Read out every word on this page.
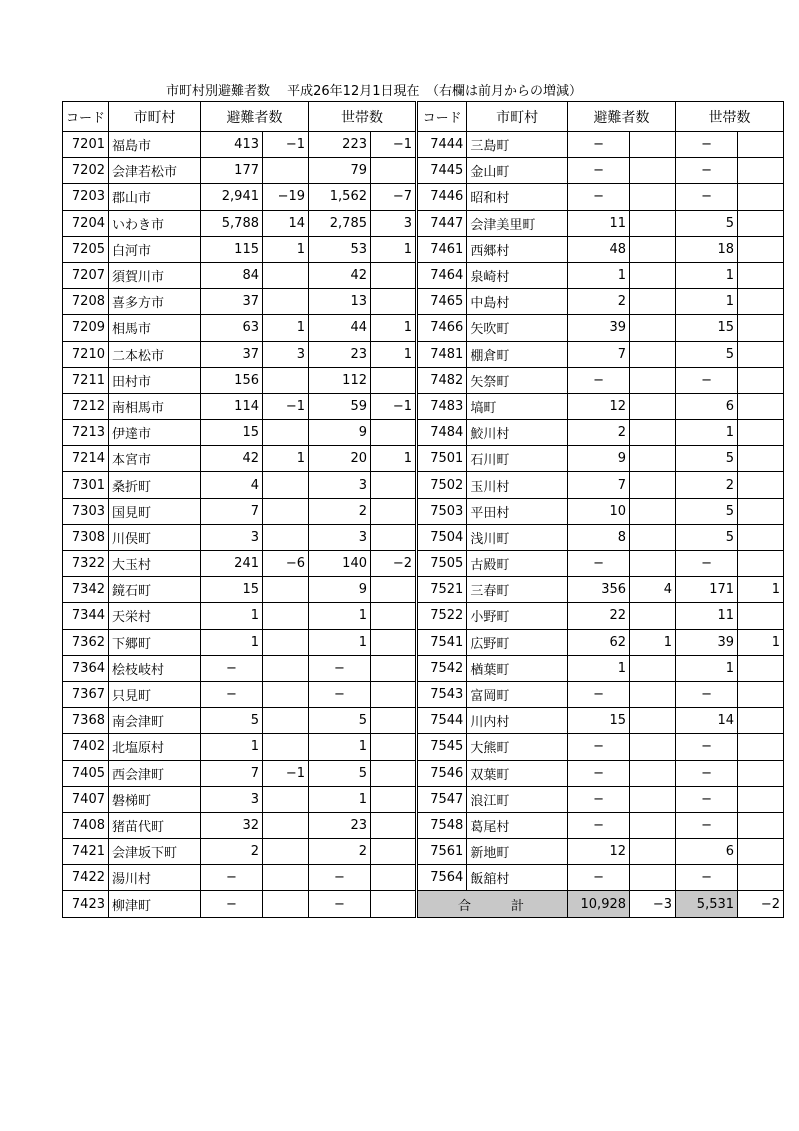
市町村別避難者数　 平成26年12月1日現在　（右欄は前月からの増減）
コード	市町村	避難者数		世帯数		コード	市町村	避難者数		世帯数	
7201	福島市	413	−1	223	−1	7444	三島町	−		−	
7202	会津若松市	177		79		7445	金山町	−		−	
7203	郡山市	2,941	−19	1,562	−7	7446	昭和村	−		−	
7204	いわき市	5,788	14	2,785	3	7447	会津美里町	11		5	
7205	白河市	115	1	53	1	7461	西郷村	48		18	
7207	須賀川市	84		42		7464	泉崎村	1		1	
7208	喜多方市	37		13		7465	中島村	2		1	
7209	相馬市	63	1	44	1	7466	矢吹町	39		15	
7210	二本松市	37	3	23	1	7481	棚倉町	7		5	
7211	田村市	156		112		7482	矢祭町	−		−	
7212	南相馬市	114	−1	59	−1	7483	塙町	12		6	
7213	伊達市	15		9		7484	鮫川村	2		1	
7214	本宮市	42	1	20	1	7501	石川町	9		5	
7301	桑折町	4		3		7502	玉川村	7		2	
7303	国見町	7		2		7503	平田村	10		5	
7308	川俣町	3		3		7504	浅川町	8		5	
7322	大玉村	241	−6	140	−2	7505	古殿町	−		−	
7342	鏡石町	15		9		7521	三春町	356	4	171	1
7344	天栄村	1		1		7522	小野町	22		11	
7362	下郷町	1		1		7541	広野町	62	1	39	1
7364	桧枝岐村	−		−		7542	楢葉町	1		1	
7367	只見町	−		−		7543	富岡町	−		−	
7368	南会津町	5		5		7544	川内村	15		14	
7402	北塩原村	1		1		7545	大熊町	−		−	
7405	西会津町	7	−1	5		7546	双葉町	−		−	
7407	磐梯町	3		1		7547	浪江町	−		−	
7408	猪苗代町	32		23		7548	葛尾村	−		−	
7421	会津坂下町	2		2		7561	新地町	12		6	
7422	湯川村	−		−		7564	飯舘村	−		−	
7423	柳津町	−		−		合計		10,928	−3	5,531	−2
